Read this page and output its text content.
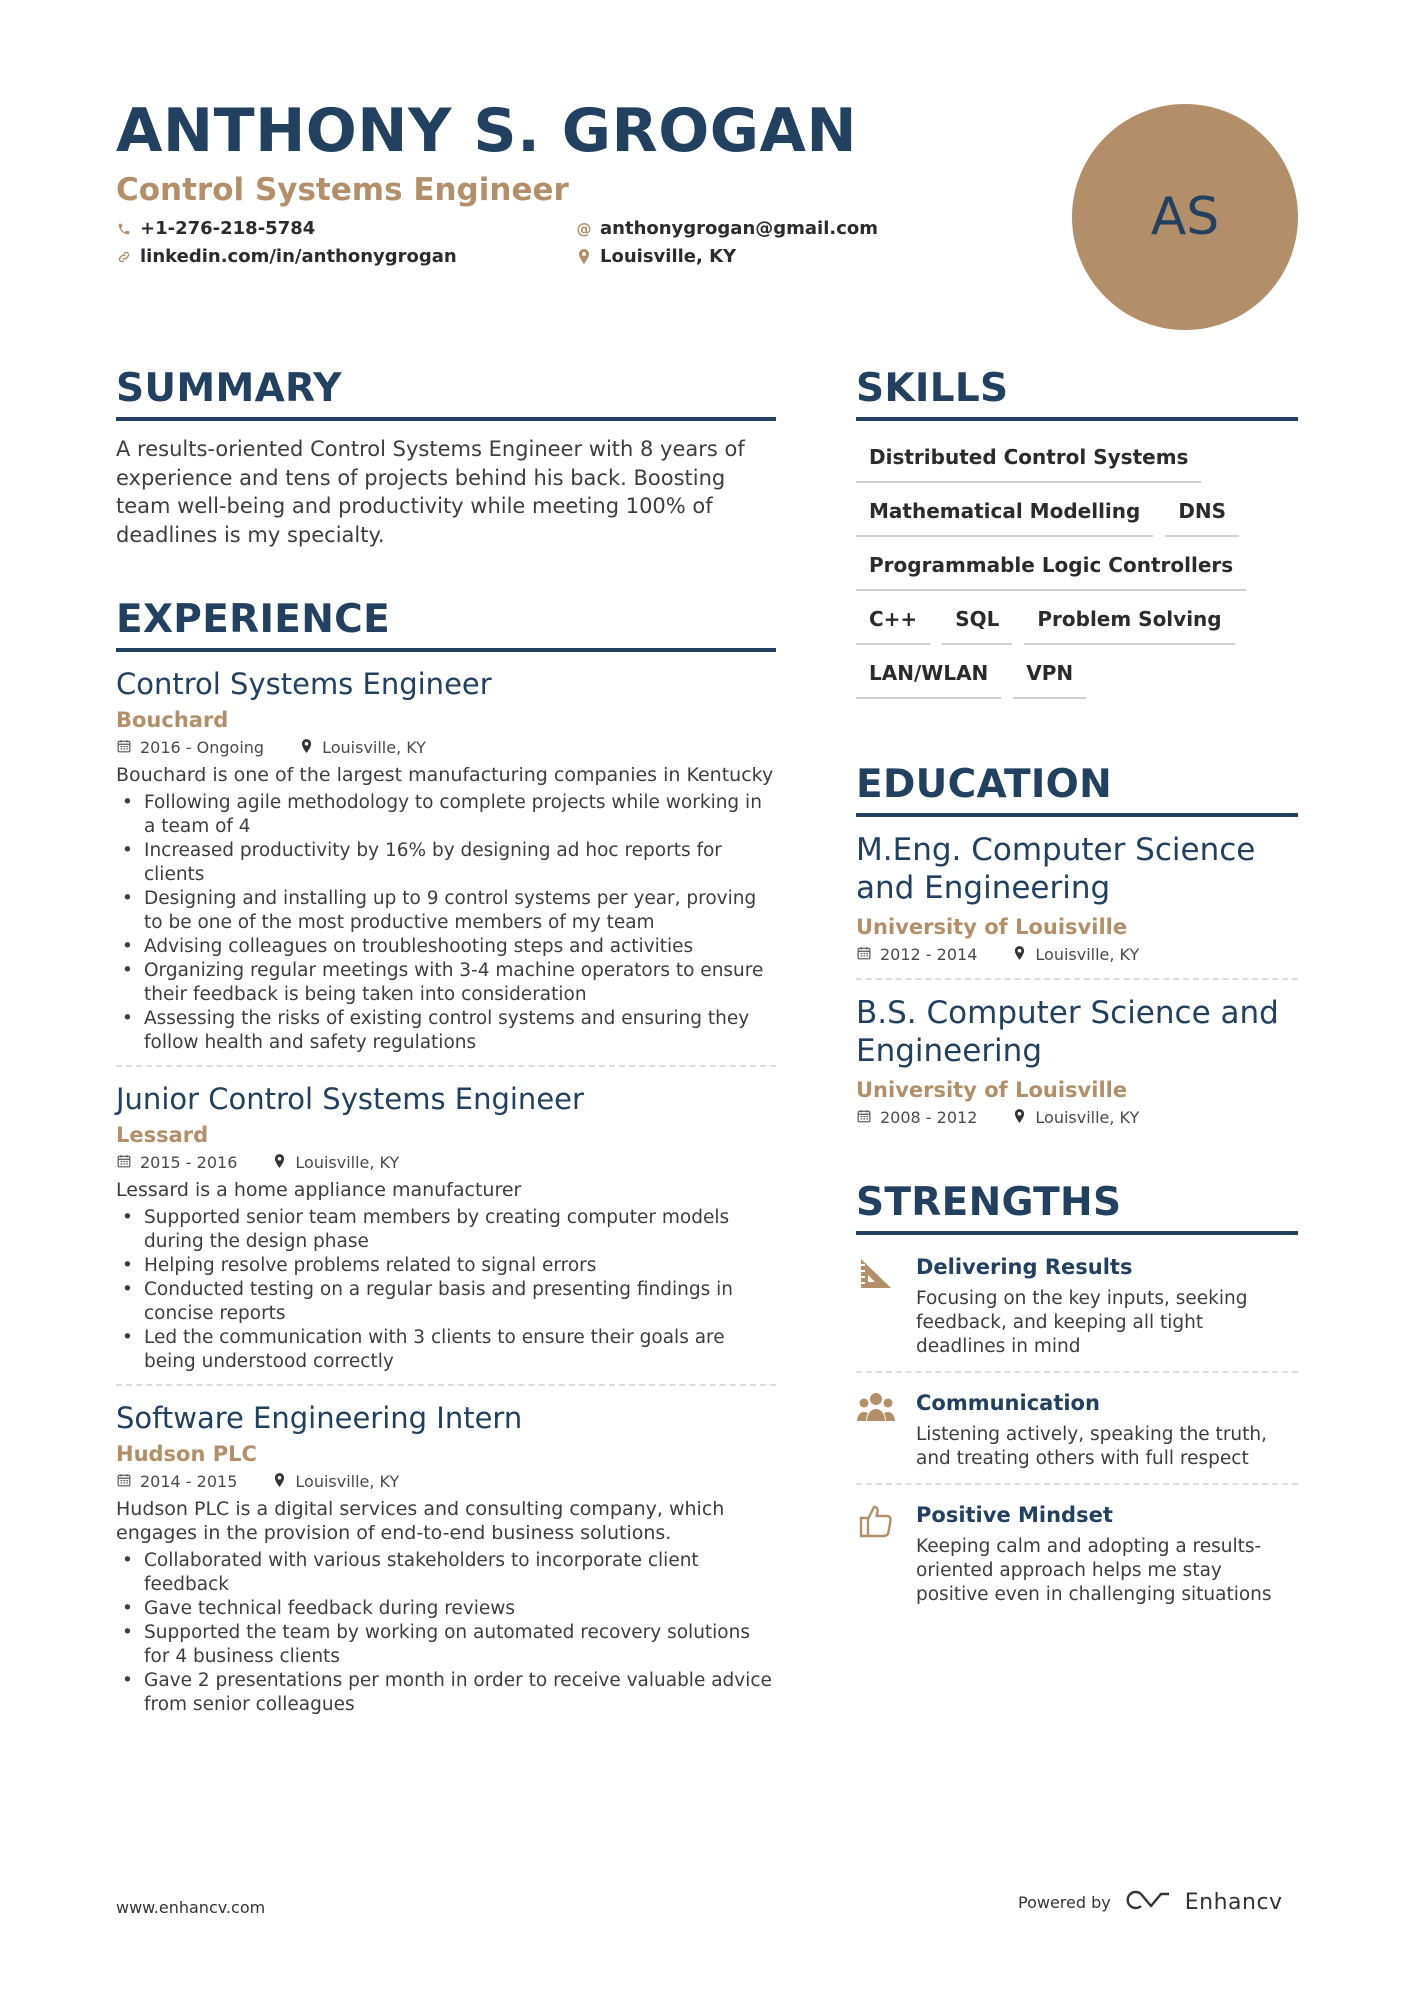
ANTHONY S. GROGAN
Control Systems Engineer
+1-276-218-5784	@ anthonygrogan@gmail.com
linkedin.com/in/anthonygrogan	Louisville, KY
AS
SUMMARY
A results-oriented Control Systems Engineer with 8 years of experience and tens of projects behind his back. Boosting team well-being and productivity while meeting 100% of deadlines is my specialty.
EXPERIENCE
Control Systems Engineer
Bouchard
2016 - Ongoing	Louisville, KY
Bouchard is one of the largest manufacturing companies in Kentucky
• Following agile methodology to complete projects while working in a team of 4
• Increased productivity by 16% by designing ad hoc reports for clients
• Designing and installing up to 9 control systems per year, proving to be one of the most productive members of my team
• Advising colleagues on troubleshooting steps and activities
• Organizing regular meetings with 3-4 machine operators to ensure their feedback is being taken into consideration
• Assessing the risks of existing control systems and ensuring they follow health and safety regulations
Junior Control Systems Engineer
Lessard
2015 - 2016	Louisville, KY
Lessard is a home appliance manufacturer
• Supported senior team members by creating computer models during the design phase
• Helping resolve problems related to signal errors
• Conducted testing on a regular basis and presenting findings in concise reports
• Led the communication with 3 clients to ensure their goals are being understood correctly
Software Engineering Intern
Hudson PLC
2014 - 2015	Louisville, KY
Hudson PLC is a digital services and consulting company, which engages in the provision of end-to-end business solutions.
• Collaborated with various stakeholders to incorporate client feedback
• Gave technical feedback during reviews
• Supported the team by working on automated recovery solutions for 4 business clients
• Gave 2 presentations per month in order to receive valuable advice from senior colleagues
SKILLS
Distributed Control Systems
Mathematical Modelling	DNS
Programmable Logic Controllers
C++	SQL	Problem Solving
LAN/WLAN	VPN
EDUCATION
M.Eng. Computer Science and Engineering
University of Louisville
2012 - 2014	Louisville, KY
B.S. Computer Science and Engineering
University of Louisville
2008 - 2012	Louisville, KY
STRENGTHS
Delivering Results
Focusing on the key inputs, seeking feedback, and keeping all tight deadlines in mind
Communication
Listening actively, speaking the truth, and treating others with full respect
Positive Mindset
Keeping calm and adopting a results-oriented approach helps me stay positive even in challenging situations
www.enhancv.com	Powered by	Enhancv
